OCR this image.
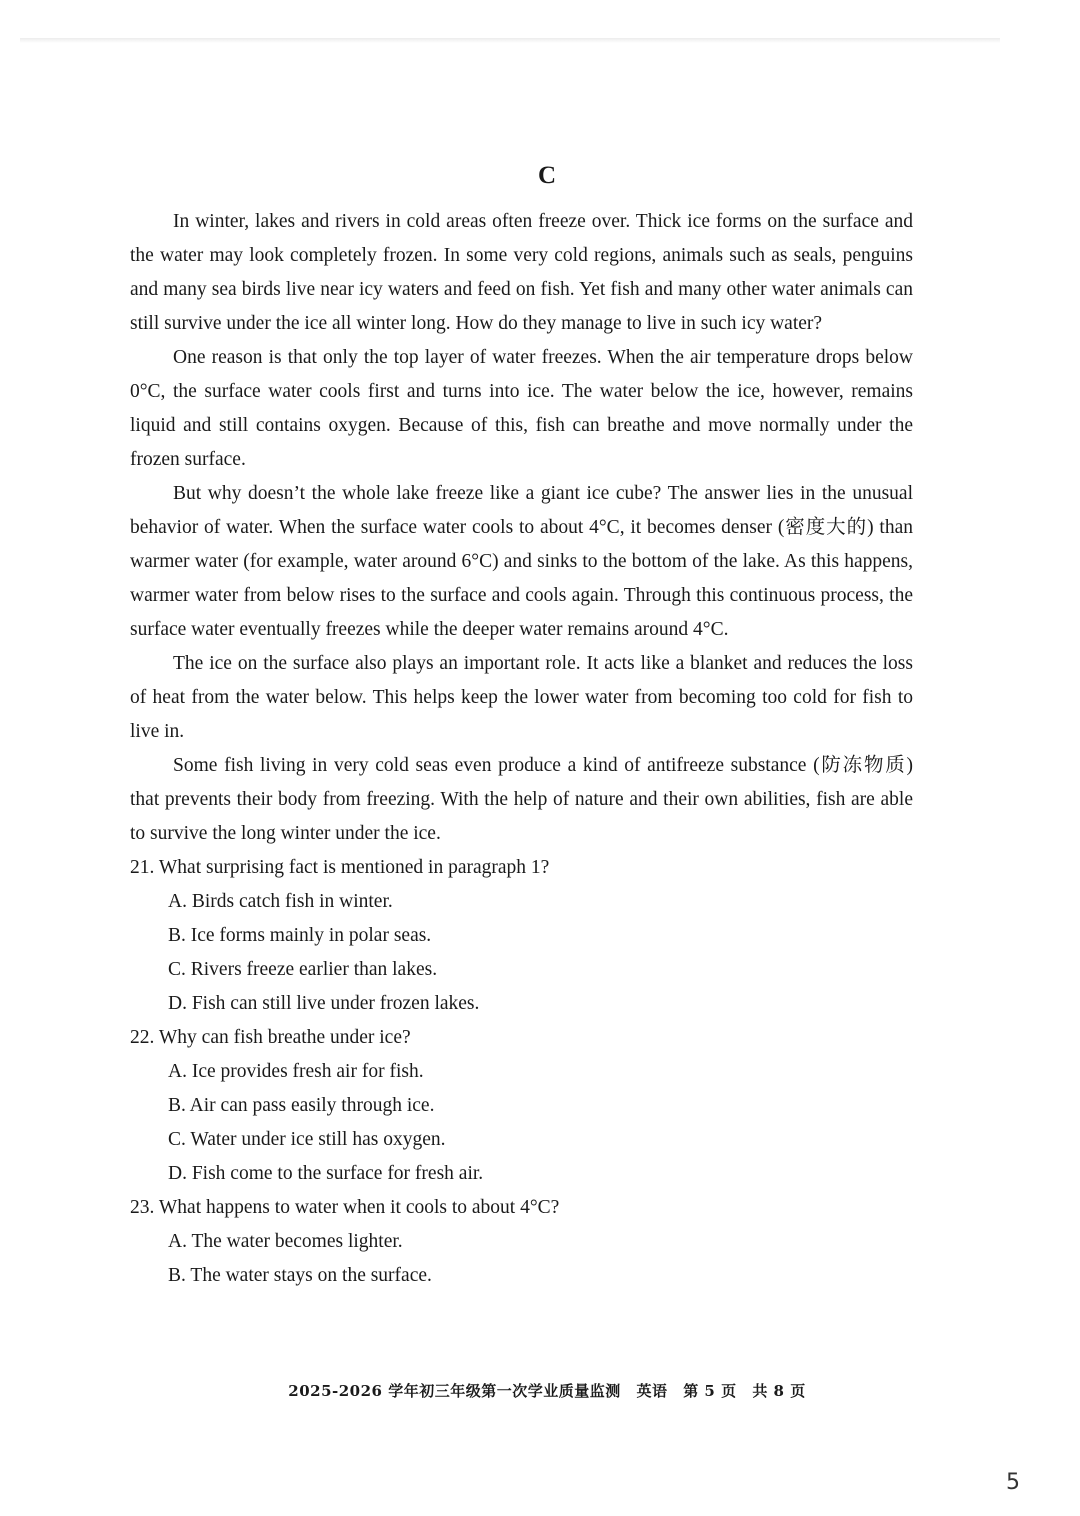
C

In winter, lakes and rivers in cold areas often freeze over. Thick ice forms on the surface and the water may look completely frozen. In some very cold regions, animals such as seals, penguins and many sea birds live near icy waters and feed on fish. Yet fish and many other water animals can still survive under the ice all winter long. How do they manage to live in such icy water?

One reason is that only the top layer of water freezes. When the air temperature drops below 0°C, the surface water cools first and turns into ice. The water below the ice, however, remains liquid and still contains oxygen. Because of this, fish can breathe and move normally under the frozen surface.

But why doesn’t the whole lake freeze like a giant ice cube? The answer lies in the unusual behavior of water. When the surface water cools to about 4°C, it becomes denser (密度大的) than warmer water (for example, water around 6°C) and sinks to the bottom of the lake. As this happens, warmer water from below rises to the surface and cools again. Through this continuous process, the surface water eventually freezes while the deeper water remains around 4°C.

The ice on the surface also plays an important role. It acts like a blanket and reduces the loss of heat from the water below. This helps keep the lower water from becoming too cold for fish to live in.

Some fish living in very cold seas even produce a kind of antifreeze substance (防冻物质) that prevents their body from freezing. With the help of nature and their own abilities, fish are able to survive the long winter under the ice.

21. What surprising fact is mentioned in paragraph 1?
A. Birds catch fish in winter.
B. Ice forms mainly in polar seas.
C. Rivers freeze earlier than lakes.
D. Fish can still live under frozen lakes.
22. Why can fish breathe under ice?
A. Ice provides fresh air for fish.
B. Air can pass easily through ice.
C. Water under ice still has oxygen.
D. Fish come to the surface for fresh air.
23. What happens to water when it cools to about 4°C?
A. The water becomes lighter.
B. The water stays on the surface.
2025-2026 学年初三年级第一次学业质量监测 英语 第 5 页 共 8 页
5
